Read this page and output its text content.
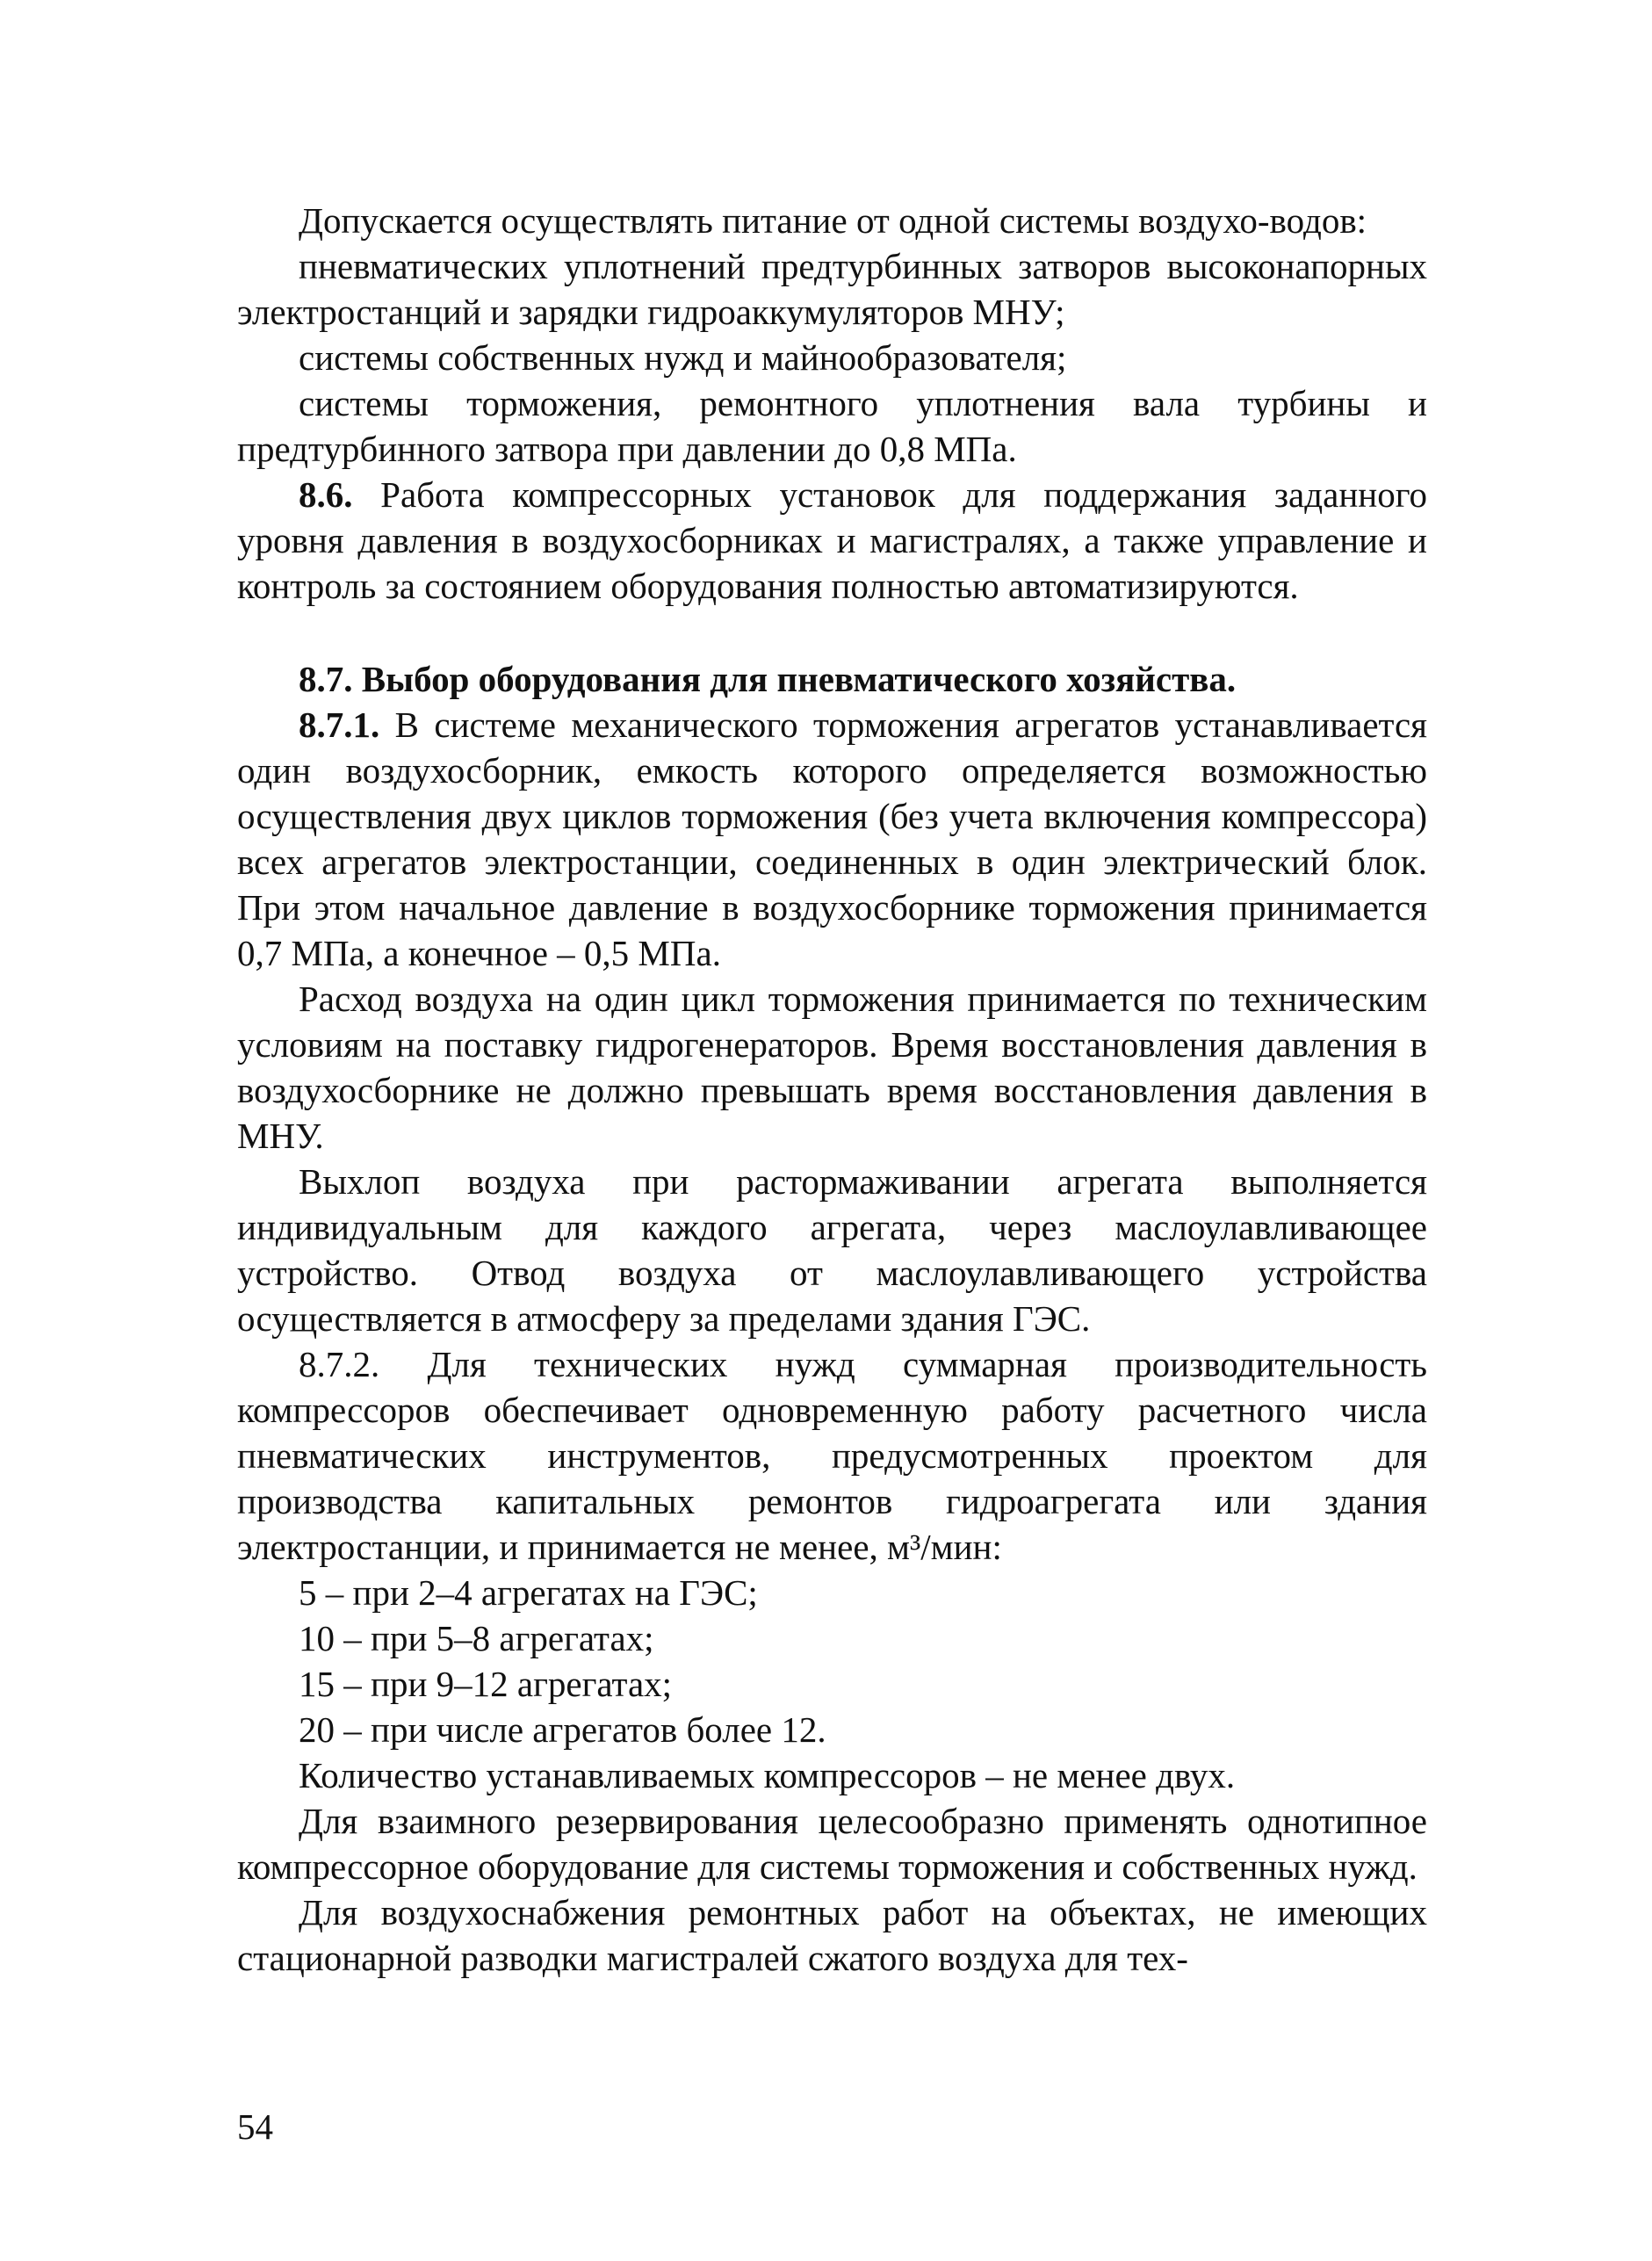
Допускается осуществлять питание от одной системы воздухо-водов:

пневматических уплотнений предтурбинных затворов высоконапорных электростанций и зарядки гидроаккумуляторов МНУ;

системы собственных нужд и майнообразователя;

системы торможения, ремонтного уплотнения вала турбины и предтурбинного затвора при давлении до 0,8 МПа.

8.6. Работа компрессорных установок для поддержания заданного уровня давления в воздухосборниках и магистралях, а также управление и контроль за состоянием оборудования полностью автоматизируются.

8.7. Выбор оборудования для пневматического хозяйства.

8.7.1. В системе механического торможения агрегатов устанавливается один воздухосборник, емкость которого определяется возможностью осуществления двух циклов торможения (без учета включения компрессора) всех агрегатов электростанции, соединенных в один электрический блок. При этом начальное давление в воздухосборнике торможения принимается 0,7 МПа, а конечное – 0,5 МПа.

Расход воздуха на один цикл торможения принимается по техническим условиям на поставку гидрогенераторов. Время восстановления давления в воздухосборнике не должно превышать время восстановления давления в МНУ.

Выхлоп воздуха при растормаживании агрегата выполняется индивидуальным для каждого агрегата, через маслоулавливающее устройство. Отвод воздуха от маслоулавливающего устройства осуществляется в атмосферу за пределами здания ГЭС.

8.7.2. Для технических нужд суммарная производительность компрессоров обеспечивает одновременную работу расчетного числа пневматических инструментов, предусмотренных проектом для производства капитальных ремонтов гидроагрегата или здания электростанции, и принимается не менее, м³/мин:

5 – при 2–4 агрегатах на ГЭС;

10 – при 5–8 агрегатах;

15 – при 9–12 агрегатах;

20 – при числе агрегатов более 12.

Количество устанавливаемых компрессоров – не менее двух.

Для взаимного резервирования целесообразно применять однотипное компрессорное оборудование для системы торможения и собственных нужд.

Для воздухоснабжения ремонтных работ на объектах, не имеющих стационарной разводки магистралей сжатого воздуха для тех-

54
